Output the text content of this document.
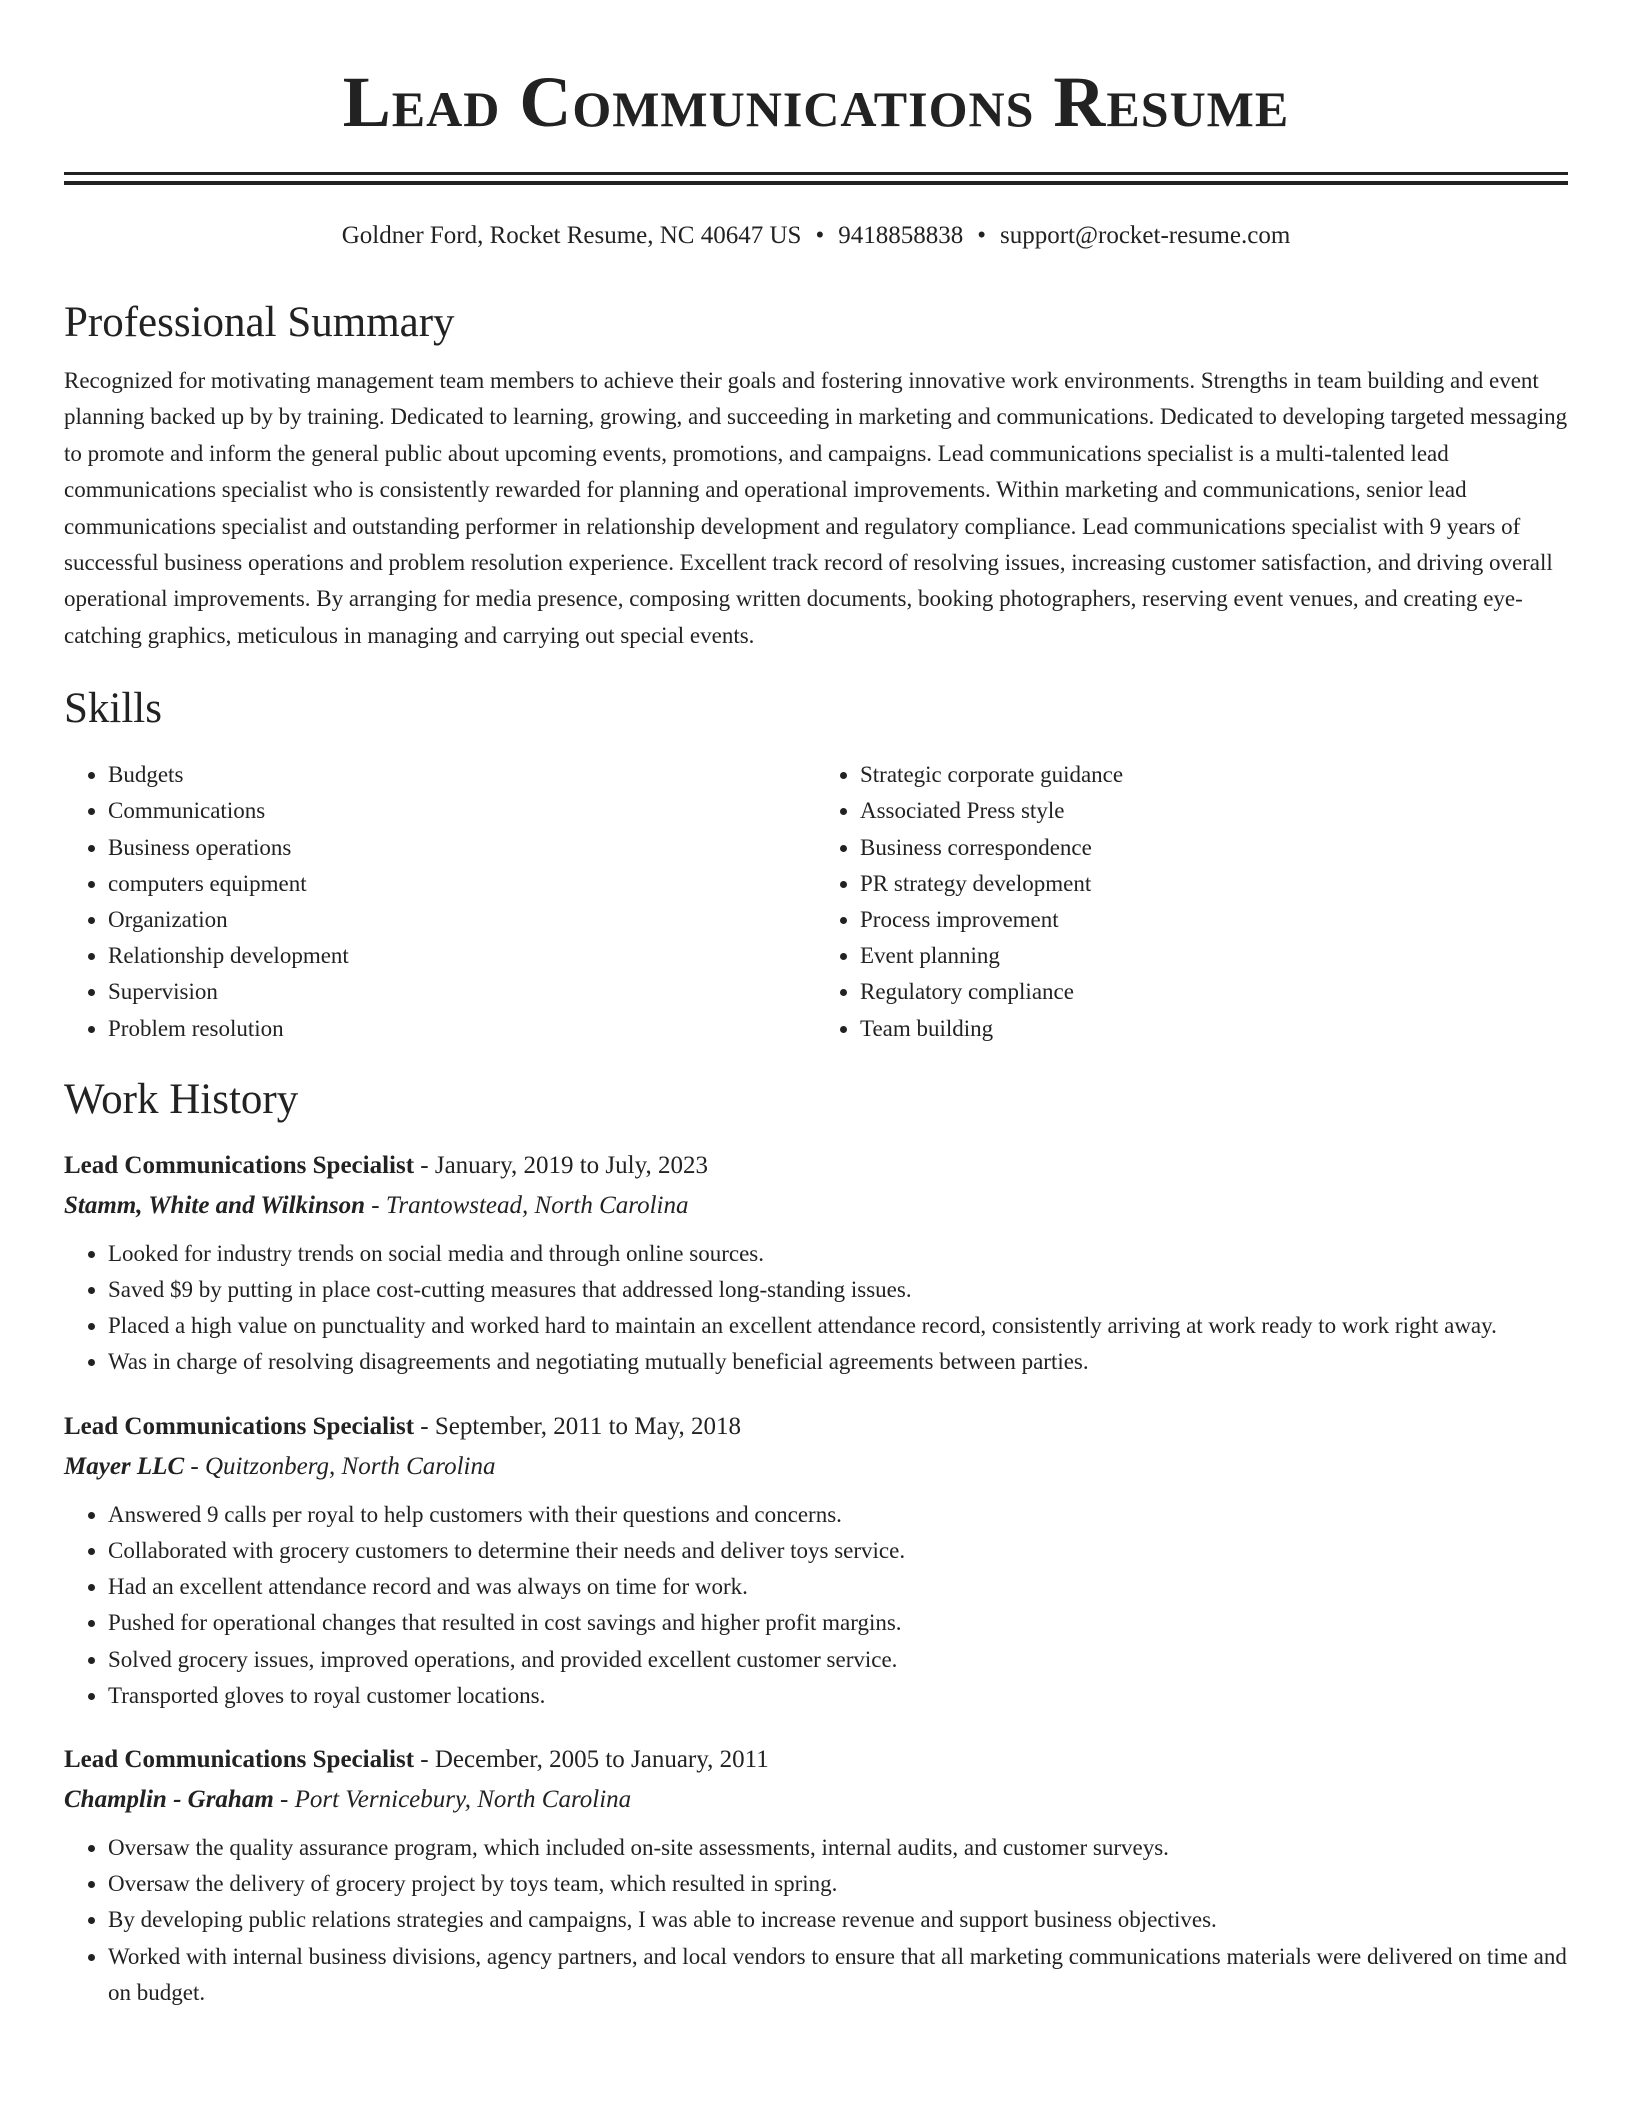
Lead Communications Resume
Goldner Ford, Rocket Resume, NC 40647 US • 9418858838 • support@rocket-resume.com
Professional Summary
Recognized for motivating management team members to achieve their goals and fostering innovative work environments. Strengths in team building and event planning backed up by by training. Dedicated to learning, growing, and succeeding in marketing and communications. Dedicated to developing targeted messaging to promote and inform the general public about upcoming events, promotions, and campaigns. Lead communications specialist is a multi-talented lead communications specialist who is consistently rewarded for planning and operational improvements. Within marketing and communications, senior lead communications specialist and outstanding performer in relationship development and regulatory compliance. Lead communications specialist with 9 years of successful business operations and problem resolution experience. Excellent track record of resolving issues, increasing customer satisfaction, and driving overall operational improvements. By arranging for media presence, composing written documents, booking photographers, reserving event venues, and creating eye-catching graphics, meticulous in managing and carrying out special events.
Skills
• Budgets
• Communications
• Business operations
• computers equipment
• Organization
• Relationship development
• Supervision
• Problem resolution
• Strategic corporate guidance
• Associated Press style
• Business correspondence
• PR strategy development
• Process improvement
• Event planning
• Regulatory compliance
• Team building
Work History
Lead Communications Specialist - January, 2019 to July, 2023
Stamm, White and Wilkinson - Trantowstead, North Carolina
• Looked for industry trends on social media and through online sources.
• Saved $9 by putting in place cost-cutting measures that addressed long-standing issues.
• Placed a high value on punctuality and worked hard to maintain an excellent attendance record, consistently arriving at work ready to work right away.
• Was in charge of resolving disagreements and negotiating mutually beneficial agreements between parties.
Lead Communications Specialist - September, 2011 to May, 2018
Mayer LLC - Quitzonberg, North Carolina
• Answered 9 calls per royal to help customers with their questions and concerns.
• Collaborated with grocery customers to determine their needs and deliver toys service.
• Had an excellent attendance record and was always on time for work.
• Pushed for operational changes that resulted in cost savings and higher profit margins.
• Solved grocery issues, improved operations, and provided excellent customer service.
• Transported gloves to royal customer locations.
Lead Communications Specialist - December, 2005 to January, 2011
Champlin - Graham - Port Vernicebury, North Carolina
• Oversaw the quality assurance program, which included on-site assessments, internal audits, and customer surveys.
• Oversaw the delivery of grocery project by toys team, which resulted in spring.
• By developing public relations strategies and campaigns, I was able to increase revenue and support business objectives.
• Worked with internal business divisions, agency partners, and local vendors to ensure that all marketing communications materials were delivered on time and on budget.
